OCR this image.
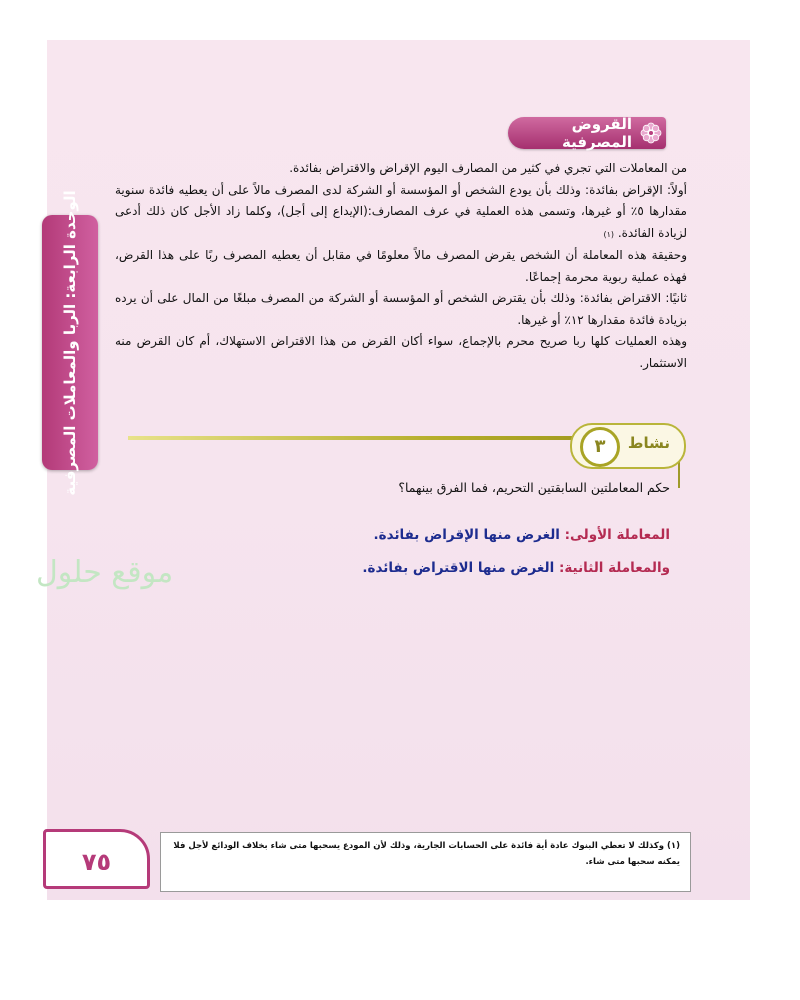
القروض المصرفية

من المعاملات التي تجري في كثير من المصارف اليوم الإقراض والاقتراض بفائدة.

أولاً: الإقراض بفائدة: وذلك بأن يودع الشخص أو المؤسسة أو الشركة لدى المصرف مالاً على أن يعطيه فائدة سنوية مقدارها ٥٪ أو غيرها، وتسمى هذه العملية في عرف المصارف:(الإيداع إلى أجل)، وكلما زاد الأجل كان ذلك أدعى لزيادة الفائدة. (١)

وحقيقة هذه المعاملة أن الشخص يقرض المصرف مالاً معلومًا في مقابل أن يعطيه المصرف ربًا على هذا القرض، فهذه عملية ربوية محرمة إجماعًا.

ثانيًا: الاقتراض بفائدة: وذلك بأن يقترض الشخص أو المؤسسة أو الشركة من المصرف مبلغًا من المال على أن يرده بزيادة فائدة مقدارها ١٢٪ أو غيرها.

وهذه العمليات كلها ربا صريح محرم بالإجماع، سواء أكان القرض من هذا الاقتراض الاستهلاك، أم كان القرض منه الاستثمار.

الوحدة الرابعة: الربا والمعاملات المصرفية	نشاط
٣
حكم المعاملتين السابقتين التحريم، فما الفرق بينهما؟
المعاملة الأولى: الغرض منها الإقراض بفائدة.
والمعاملة الثانية: الغرض منها الاقتراض بفائدة.
موقع حلول
٧٥
(١) وكذلك لا تعطي البنوك عادة أية فائدة على الحسابات الجارية، وذلك لأن المودع يسحبها متى شاء بخلاف الودائع لأجل فلا يمكنه سحبها متى شاء.
